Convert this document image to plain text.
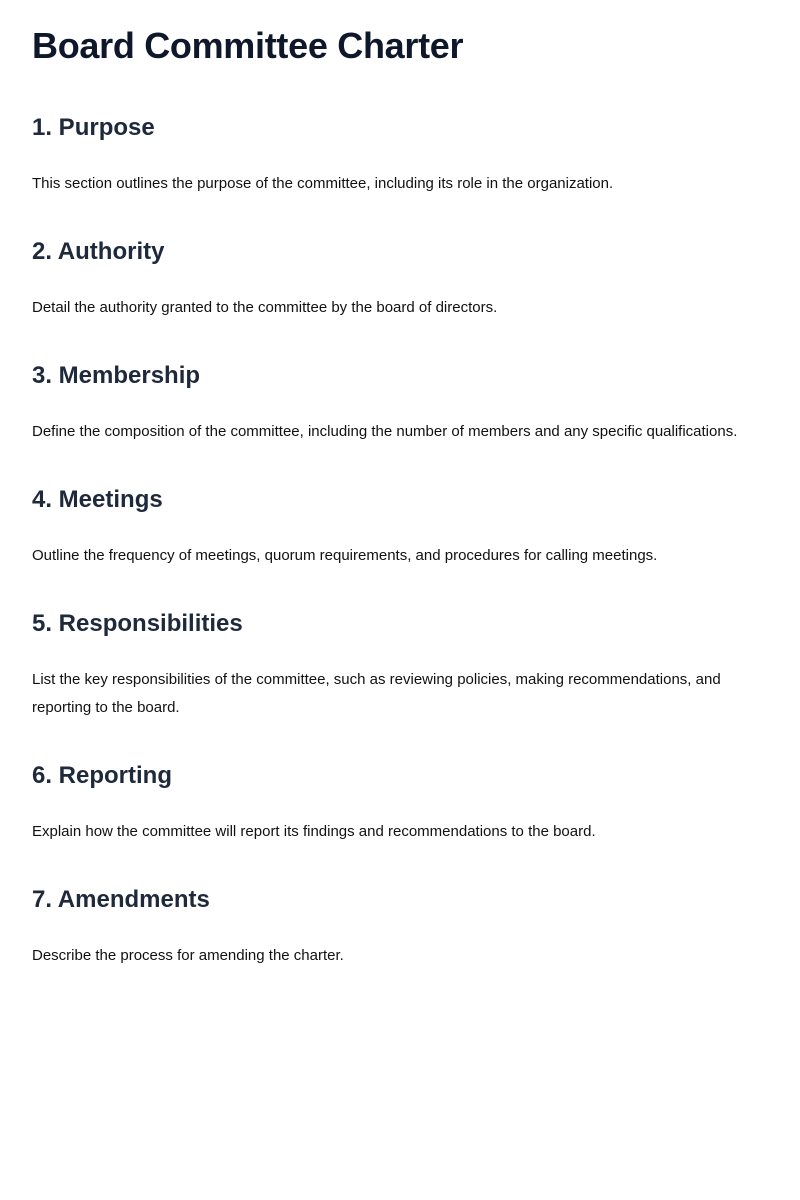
Board Committee Charter
1. Purpose

This section outlines the purpose of the committee, including its role in the organization.

2. Authority

Detail the authority granted to the committee by the board of directors.

3. Membership

Define the composition of the committee, including the number of members and any specific qualifications.

4. Meetings

Outline the frequency of meetings, quorum requirements, and procedures for calling meetings.

5. Responsibilities

List the key responsibilities of the committee, such as reviewing policies, making recommendations, and reporting to the board.

6. Reporting

Explain how the committee will report its findings and recommendations to the board.

7. Amendments

Describe the process for amending the charter.
